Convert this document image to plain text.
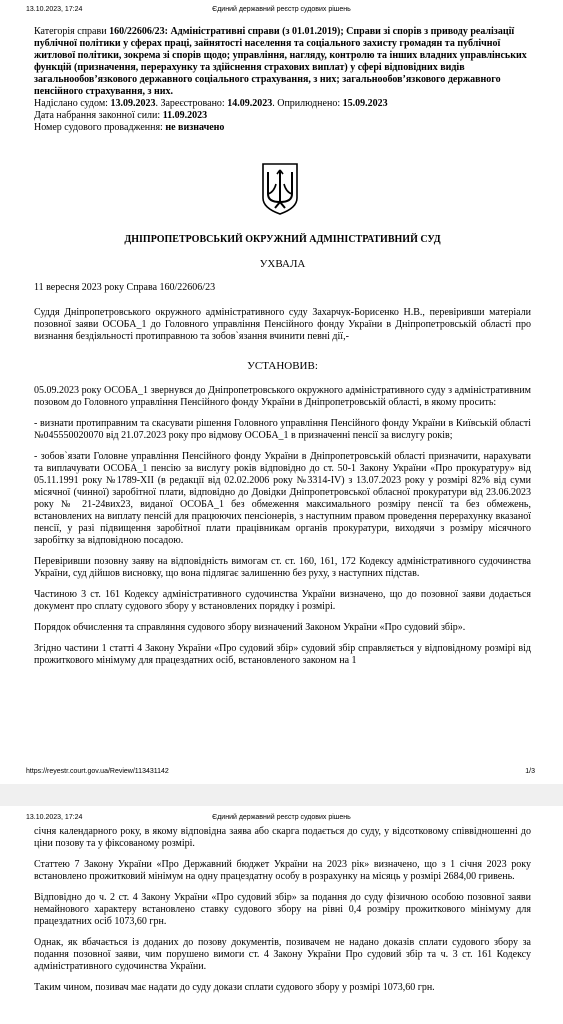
13.10.2023, 17:24	Єдиний державний реєстр судових рішень

Категорія справи 160/22606/23: Адміністративні справи (з 01.01.2019); Справи зі спорів з приводу реалізації публічної політики у сферах праці, зайнятості населення та соціального захисту громадян та публічної житлової політики, зокрема зі спорів щодо; управління, нагляду, контролю та інших владних управлінських функцій (призначення, перерахунку та здійснення страхових виплат) у сфері відповідних видів загальнообов’язкового державного соціального страхування, з них; загальнообов’язкового державного пенсійного страхування, з них.

Надіслано судом: 13.09.2023. Зареєстровано: 14.09.2023. Оприлюднено: 15.09.2023

Дата набрання законної сили: 11.09.2023

Номер судового провадження: не визначено

ДНІПРОПЕТРОВСЬКИЙ ОКРУЖНИЙ АДМІНІСТРАТИВНИЙ СУД

УХВАЛА

11 вересня 2023 року Справа 160/22606/23

Суддя Дніпропетровського окружного адміністративного суду Захарчук-Борисенко Н.В., перевіривши матеріали позовної заяви ОСОБА_1 до Головного управління Пенсійного фонду України в Дніпропетровській області про визнання бездіяльності протиправною та зобов`язання вчинити певні дії,-

УСТАНОВИВ:

05.09.2023 року ОСОБА_1 звернувся до Дніпропетровського окружного адміністративного суду з адміністративним позовом до Головного управління Пенсійного фонду України в Дніпропетровській області, в якому просить:

- визнати протиправним та скасувати рішення Головного управління Пенсійного фонду України в Київській області №045550020070 від 21.07.2023 року про відмову ОСОБА_1 в призначенні пенсії за вислугу років;

- зобов`язати Головне управління Пенсійного фонду України в Дніпропетровській області призначити, нарахувати та виплачувати ОСОБА_1 пенсію за вислугу років відповідно до ст. 50-1 Закону України «Про прокуратуру» від 05.11.1991 року №1789-XII (в редакції від 02.02.2006 року №3314-IV) з 13.07.2023 року у розмірі 82% від суми місячної (чинної) заробітної плати, відповідно до Довідки Дніпропетровської обласної прокуратури від 23.06.2023 року № 21-24вих23, виданої ОСОБА_1 без обмеження максимального розміру пенсії та без обмежень, встановлених на виплату пенсій для працюючих пенсіонерів, з наступним правом проведення перерахунку вказаної пенсії, у разі підвищення заробітної плати працівникам органів прокуратури, виходячи з розміру місячного заробітку за відповідною посадою.

Перевіривши позовну заяву на відповідність вимогам ст. ст. 160, 161, 172 Кодексу адміністративного судочинства України, суд дійшов висновку, що вона підлягає залишенню без руху, з наступних підстав.

Частиною 3 ст. 161 Кодексу адміністративного судочинства України визначено, що до позовної заяви додається документ про сплату судового збору у встановлених порядку і розмірі.

Порядок обчислення та справляння судового збору визначений Законом України «Про судовий збір».

Згідно частини 1 статті 4 Закону України «Про судовий збір» судовий збір справляється у відповідному розмірі від прожиткового мінімуму для працездатних осіб, встановленого законом на 1

https://reyestr.court.gov.ua/Review/113431142	1/3
13.10.2023, 17:24	Єдиний державний реєстр судових рішень

січня календарного року, в якому відповідна заява або скарга подається до суду, у відсотковому співвідношенні до ціни позову та у фіксованому розмірі.

Статтею 7 Закону України «Про Державний бюджет України на 2023 рік» визначено, що з 1 січня 2023 року встановлено прожитковий мінімум на одну працездатну особу в розрахунку на місяць у розмірі 2684,00 гривень.

Відповідно до ч. 2 ст. 4 Закону України «Про судовий збір» за подання до суду фізичною особою позовної заяви немайнового характеру встановлено ставку судового збору на рівні 0,4 розміру прожиткового мінімуму для працездатних осіб 1073,60 грн.

Однак, як вбачається із доданих до позову документів, позивачем не надано доказів сплати судового збору за подання позовної заяви, чим порушено вимоги ст. 4 Закону України Про судовий збір та ч. 3 ст. 161 Кодексу адміністративного судочинства України.

Таким чином, позивач має надати до суду докази сплати судового збору у розмірі 1073,60 грн.
